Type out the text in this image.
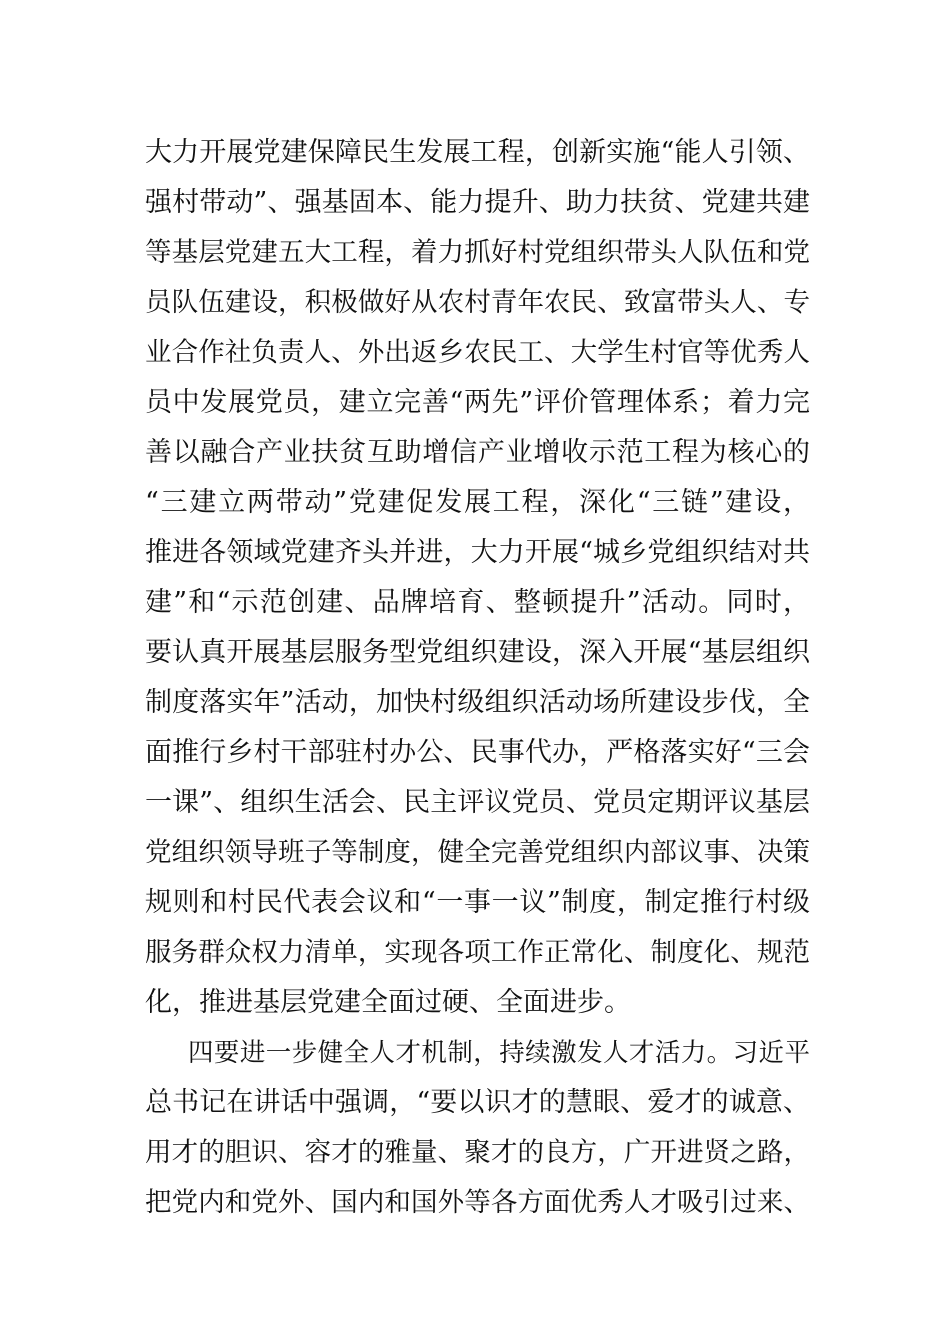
大力开展党建保障民生发展工程，创新实施“能人引领、
强村带动”、强基固本、能力提升、助力扶贫、党建共建
等基层党建五大工程，着力抓好村党组织带头人队伍和党
员队伍建设，积极做好从农村青年农民、致富带头人、专
业合作社负责人、外出返乡农民工、大学生村官等优秀人
员中发展党员，建立完善“两先”评价管理体系；着力完
善以融合产业扶贫互助增信产业增收示范工程为核心的
“三建立两带动”党建促发展工程，深化“三链”建设，
推进各领域党建齐头并进，大力开展“城乡党组织结对共
建”和“示范创建、品牌培育、整顿提升”活动。同时，
要认真开展基层服务型党组织建设，深入开展“基层组织
制度落实年”活动，加快村级组织活动场所建设步伐，全
面推行乡村干部驻村办公、民事代办，严格落实好“三会
一课”、组织生活会、民主评议党员、党员定期评议基层
党组织领导班子等制度，健全完善党组织内部议事、决策
规则和村民代表会议和“一事一议”制度，制定推行村级
服务群众权力清单，实现各项工作正常化、制度化、规范
化，推进基层党建全面过硬、全面进步。
四要进一步健全人才机制，持续激发人才活力。习近平
总书记在讲话中强调，“要以识才的慧眼、爱才的诚意、
用才的胆识、容才的雅量、聚才的良方，广开进贤之路，
把党内和党外、国内和国外等各方面优秀人才吸引过来、
